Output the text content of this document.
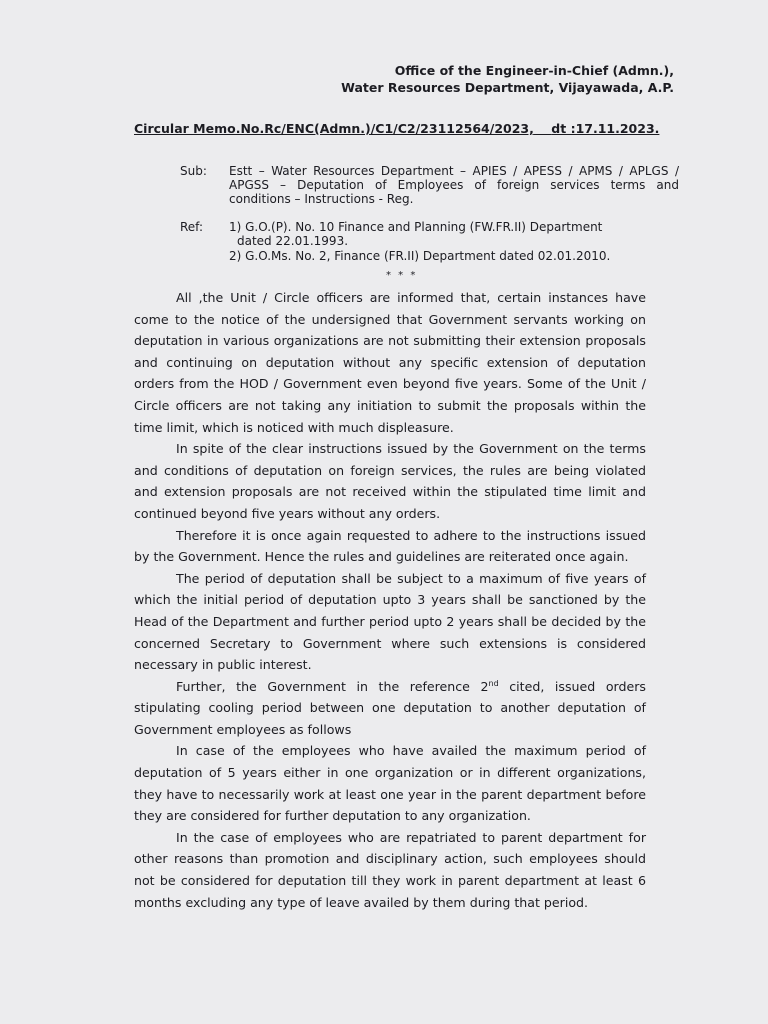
Office of the Engineer-in-Chief (Admn.),
Water Resources Department, Vijayawada, A.P.
Circular Memo.No.Rc/ENC(Admn.)/C1/C2/23112564/2023, dt :17.11.2023.
Sub: Estt – Water Resources Department – APIES / APESS / APMS / APLGS / APGSS – Deputation of Employees of foreign services terms and conditions – Instructions - Reg.
Ref: 1) G.O.(P). No. 10 Finance and Planning (FW.FR.II) Department
dated 22.01.1993.
2) G.O.Ms. No. 2, Finance (FR.II) Department dated 02.01.2010.
* * *

All ,the Unit / Circle officers are informed that, certain instances have come to the notice of the undersigned that Government servants working on deputation in various organizations are not submitting their extension proposals and continuing on deputation without any specific extension of deputation orders from the HOD / Government even beyond five years. Some of the Unit / Circle officers are not taking any initiation to submit the proposals within the time limit, which is noticed with much displeasure.

In spite of the clear instructions issued by the Government on the terms and conditions of deputation on foreign services, the rules are being violated and extension proposals are not received within the stipulated time limit and continued beyond five years without any orders.

Therefore it is once again requested to adhere to the instructions issued by the Government. Hence the rules and guidelines are reiterated once again.

The period of deputation shall be subject to a maximum of five years of which the initial period of deputation upto 3 years shall be sanctioned by the Head of the Department and further period upto 2 years shall be decided by the concerned Secretary to Government where such extensions is considered necessary in public interest.

Further, the Government in the reference 2nd cited, issued orders stipulating cooling period between one deputation to another deputation of Government employees as follows

In case of the employees who have availed the maximum period of deputation of 5 years either in one organization or in different organizations, they have to necessarily work at least one year in the parent department before they are considered for further deputation to any organization.

In the case of employees who are repatriated to parent department for other reasons than promotion and disciplinary action, such employees should not be considered for deputation till they work in parent department at least 6 months excluding any type of leave availed by them during that period.
